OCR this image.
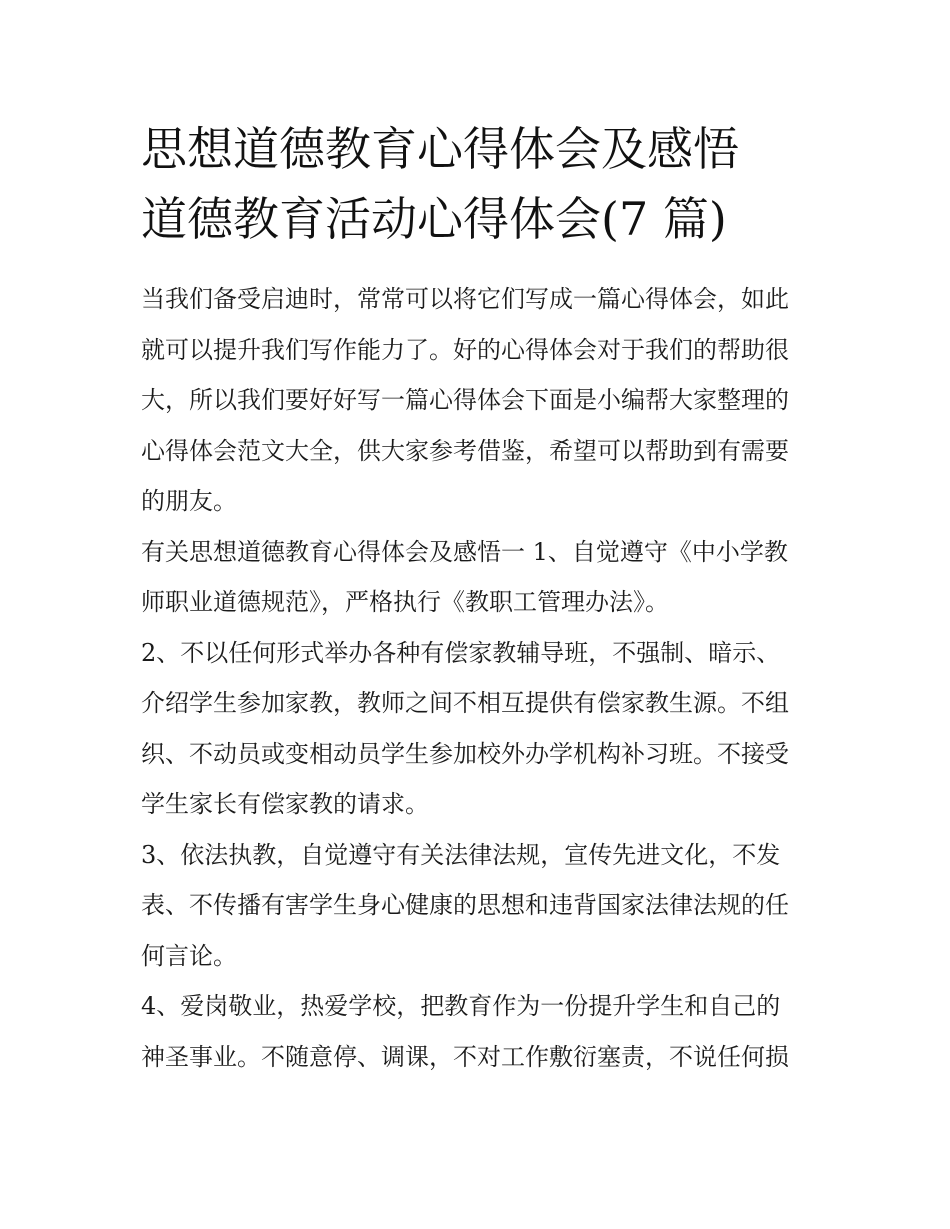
思想道德教育心得体会及感悟
道德教育活动心得体会(7 篇)

当我们备受启迪时，常常可以将它们写成一篇心得体会，如此
就可以提升我们写作能力了。好的心得体会对于我们的帮助很
大，所以我们要好好写一篇心得体会下面是小编帮大家整理的
心得体会范文大全，供大家参考借鉴，希望可以帮助到有需要
的朋友。

有关思想道德教育心得体会及感悟一 1、自觉遵守《中小学教
师职业道德规范》，严格执行《教职工管理办法》。

2、不以任何形式举办各种有偿家教辅导班，不强制、暗示、
介绍学生参加家教，教师之间不相互提供有偿家教生源。不组
织、不动员或变相动员学生参加校外办学机构补习班。不接受
学生家长有偿家教的请求。

3、依法执教，自觉遵守有关法律法规，宣传先进文化，不发
表、不传播有害学生身心健康的思想和违背国家法律法规的任
何言论。

4、爱岗敬业，热爱学校，把教育作为一份提升学生和自己的
神圣事业。不随意停、调课，不对工作敷衍塞责，不说任何损
